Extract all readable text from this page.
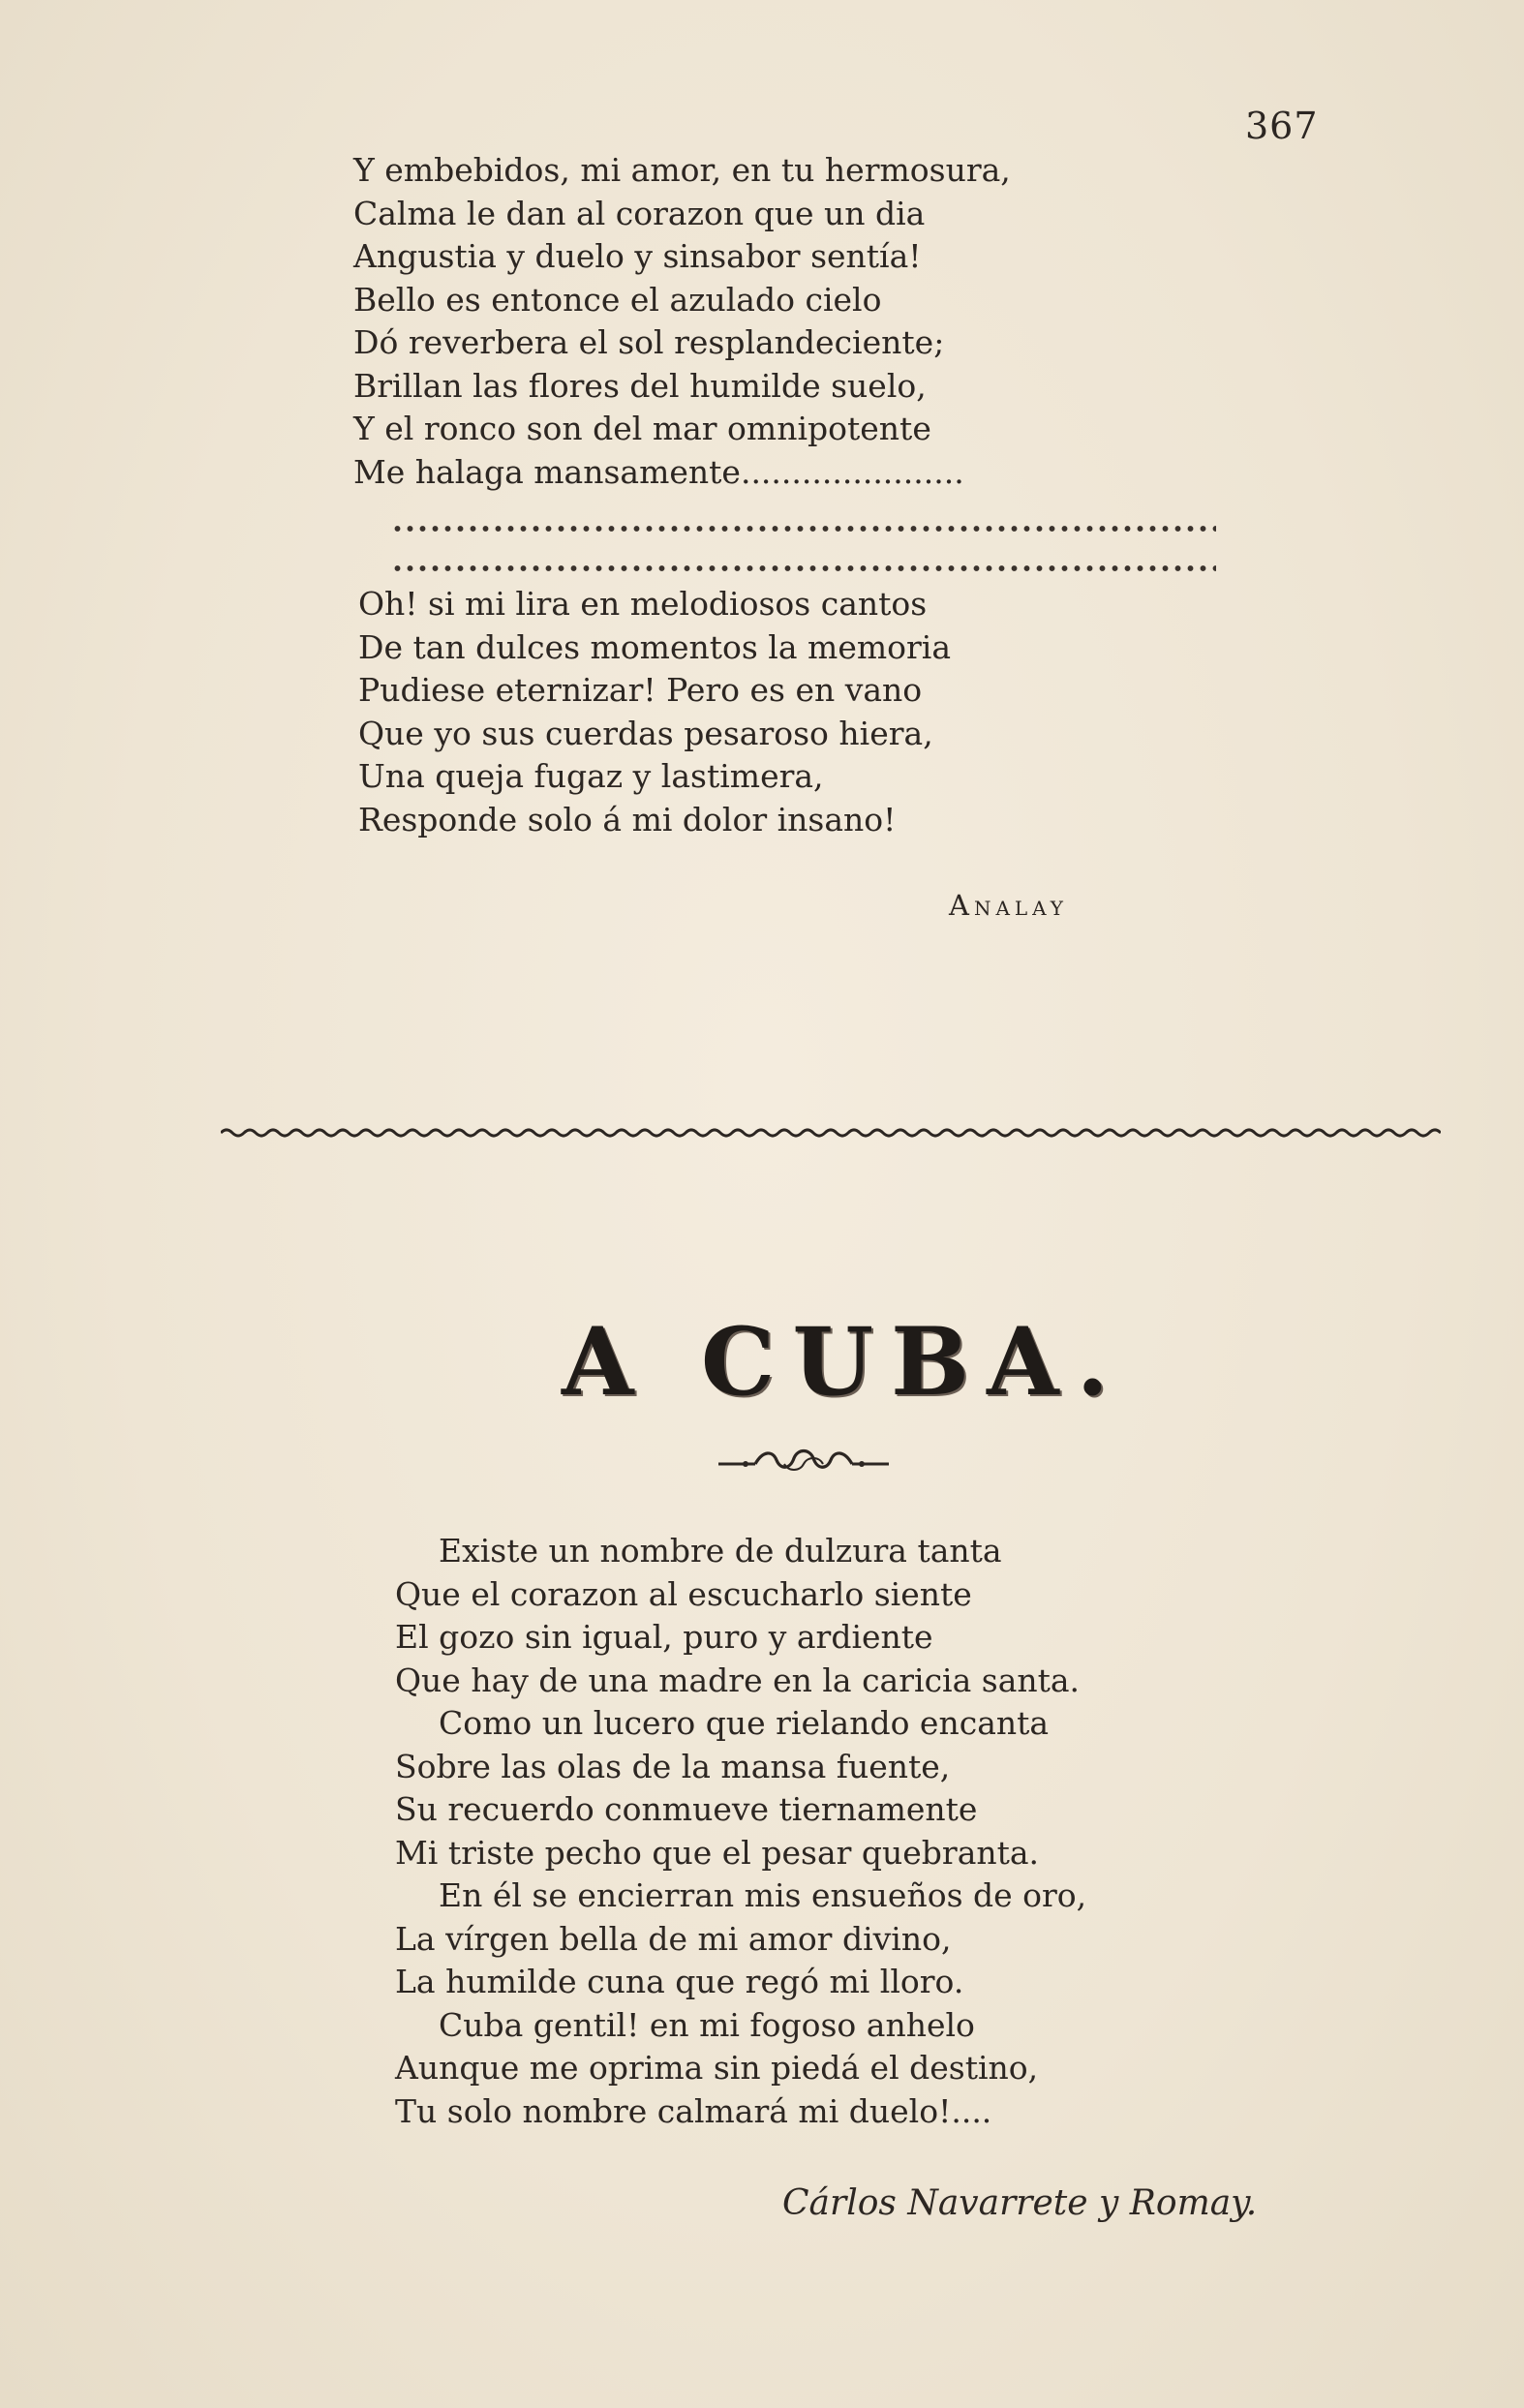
367
Y embebidos, mi amor, en tu hermosura,
Calma le dan al corazon que un dia
Angustia y duelo y sinsabor sentía!
Bello es entonce el azulado cielo
Dó reverbera el sol resplandeciente;
Brillan las flores del humilde suelo,
Y el ronco son del mar omnipotente
Me halaga mansamente......................
Oh! si mi lira en melodiosos cantos
De tan dulces momentos la memoria
Pudiese eternizar! Pero es en vano
Que yo sus cuerdas pesaroso hiera,
Una queja fugaz y lastimera,
Responde solo á mi dolor insano!
Analay
A CUBA.
Existe un nombre de dulzura tanta
Que el corazon al escucharlo siente
El gozo sin igual, puro y ardiente
Que hay de una madre en la caricia santa.
Como un lucero que rielando encanta
Sobre las olas de la mansa fuente,
Su recuerdo conmueve tiernamente
Mi triste pecho que el pesar quebranta.
En él se encierran mis ensueños de oro,
La vírgen bella de mi amor divino,
La humilde cuna que regó mi lloro.
Cuba gentil! en mi fogoso anhelo
Aunque me oprima sin piedá el destino,
Tu solo nombre calmará mi duelo!....
Cárlos Navarrete y Romay.
